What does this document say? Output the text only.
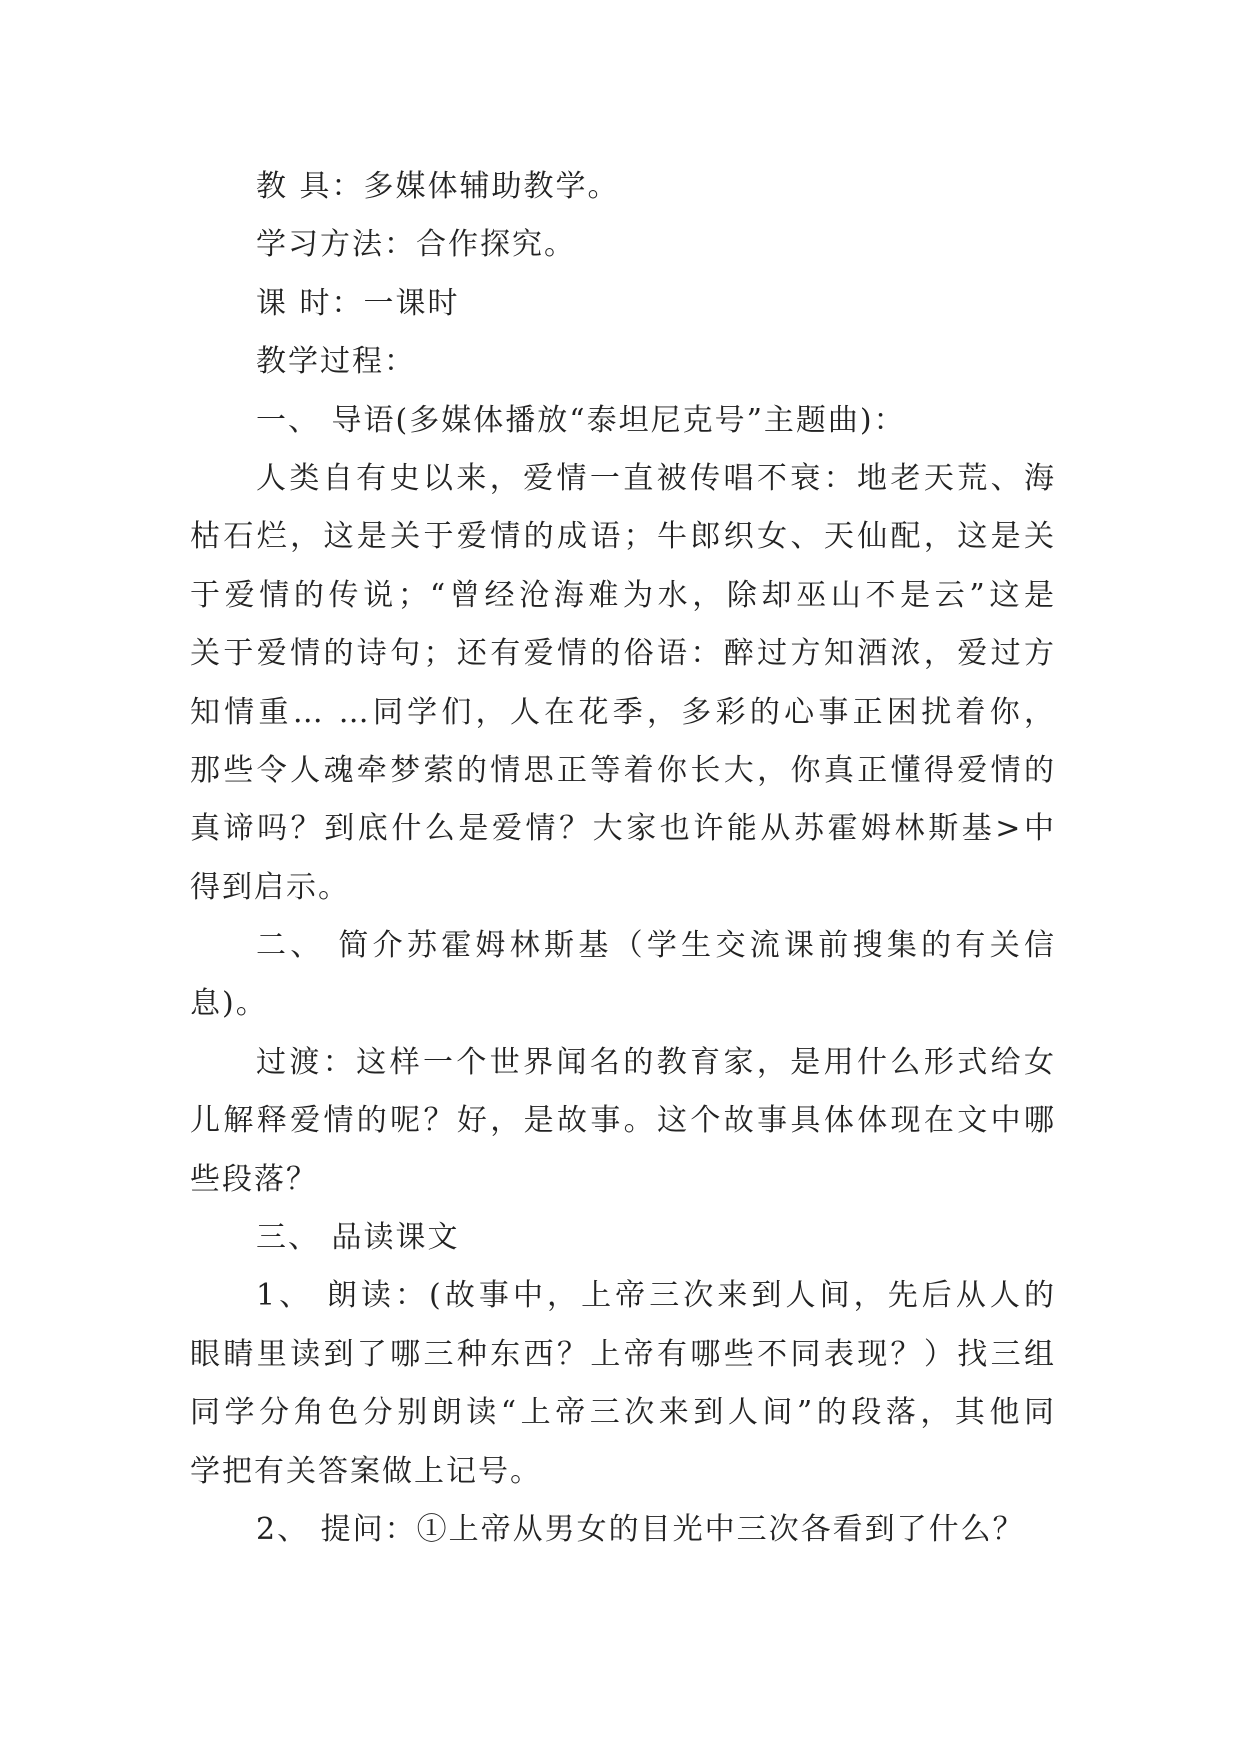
教 具：多媒体辅助教学。

学习方法：合作探究。

课 时：一课时

教学过程：

一、 导语(多媒体播放“泰坦尼克号”主题曲)：

人类自有史以来，爱情一直被传唱不衰：地老天荒、海

枯石烂，这是关于爱情的成语；牛郎织女、天仙配，这是关

于爱情的传说；“曾经沧海难为水，除却巫山不是云”这是

关于爱情的诗句；还有爱情的俗语：醉过方知酒浓，爱过方

知情重… …同学们，人在花季，多彩的心事正困扰着你，

那些令人魂牵梦萦的情思正等着你长大，你真正懂得爱情的

真谛吗？到底什么是爱情？大家也许能从苏霍姆林斯基>中

得到启示。

二、 简介苏霍姆林斯基（学生交流课前搜集的有关信

息)。

过渡：这样一个世界闻名的教育家，是用什么形式给女

儿解释爱情的呢？好，是故事。这个故事具体体现在文中哪

些段落？

三、 品读课文

1、 朗读：(故事中，上帝三次来到人间，先后从人的

眼睛里读到了哪三种东西？上帝有哪些不同表现？）找三组

同学分角色分别朗读“上帝三次来到人间”的段落，其他同

学把有关答案做上记号。

2、 提问：①上帝从男女的目光中三次各看到了什么？
